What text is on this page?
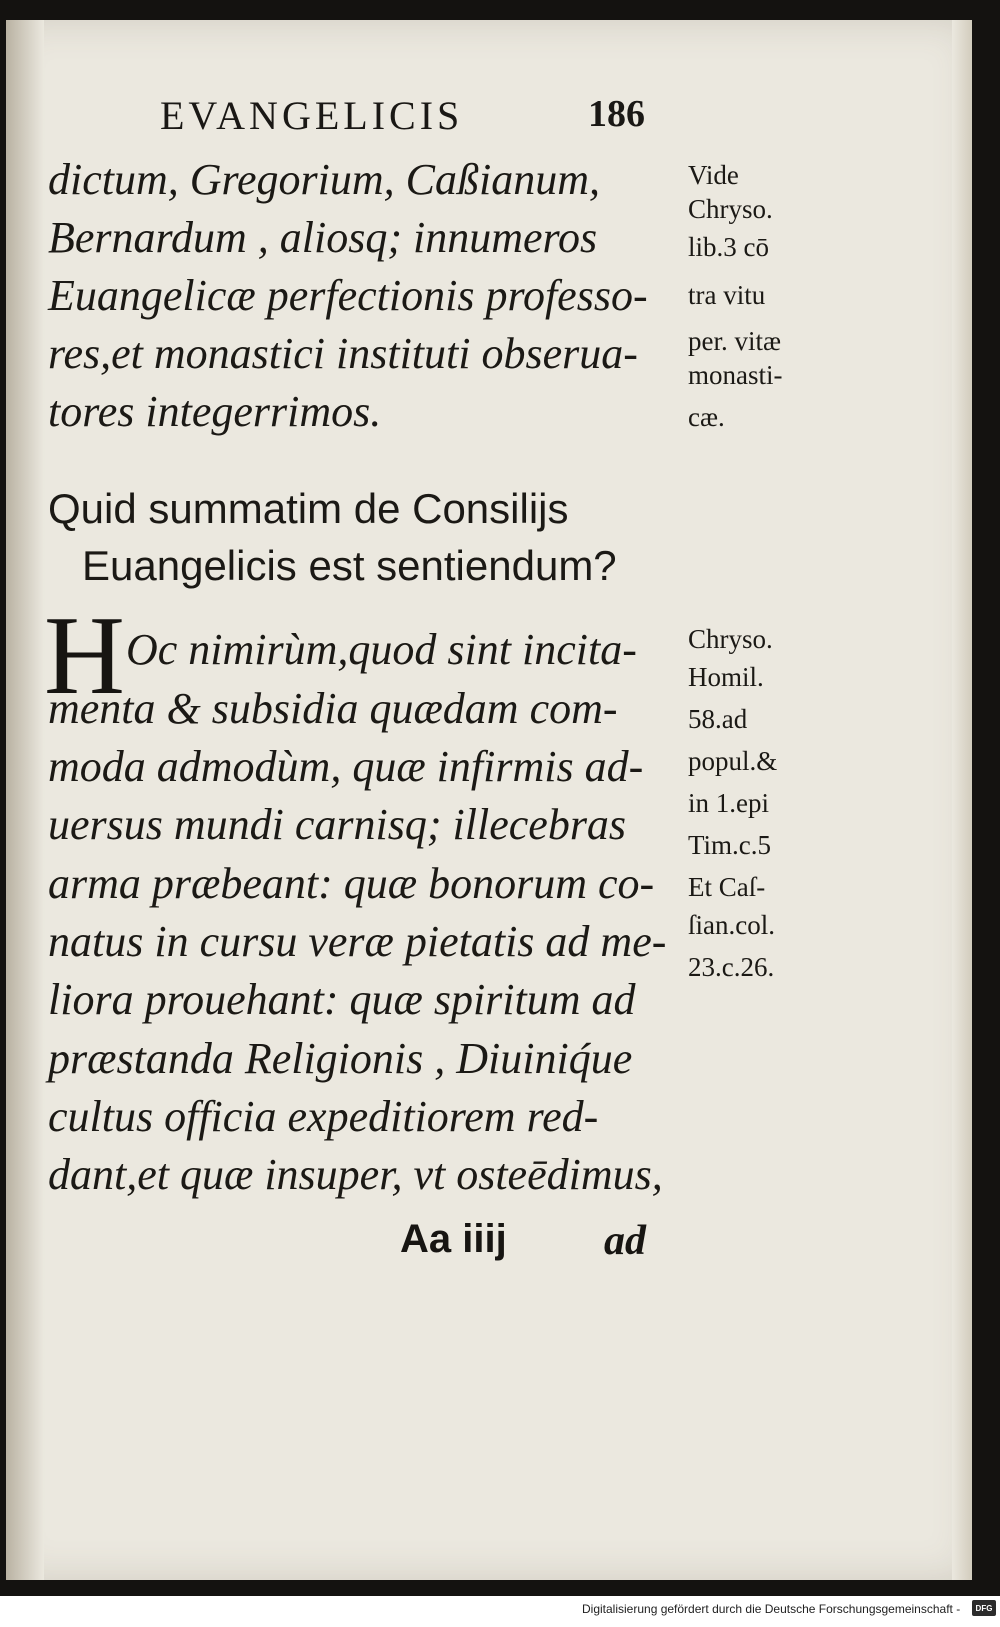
EVANGELICIS	186
dictum, Gregorium, Caßianum,
Bernardum , aliosq; innumeros
Euangelicæ perfectionis professo-
res,et monastici instituti obserua-
tores integerrimos.
Quid summatim de Consilijs
Euangelicis est sentiendum?
H Oc nimirùm,quod sint incita-
menta & subsidia quædam com-
moda admodùm, quæ infirmis ad-
uersus mundi carnisq; illecebras
arma præbeant: quæ bonorum co-
natus in cursu veræ pietatis ad me-
liora prouehant: quæ spiritum ad
præstanda Religionis , Diuiniq́ue
cultus officia expeditiorem red-
dant,et quæ insuper, vt osteēdimus,
Vide
Chryso.
lib.3 cō
tra vitu
per. vitæ
monasti-
cæ.
Chryso.
Homil.
58.ad
popul.&
in 1.epi
Tim.c.5
Et Caſ-
ſian.col.
23.c.26.
Aa iiij ad
Digitalisierung gefördert durch die Deutsche Forschungsgemeinschaft -	DFG
